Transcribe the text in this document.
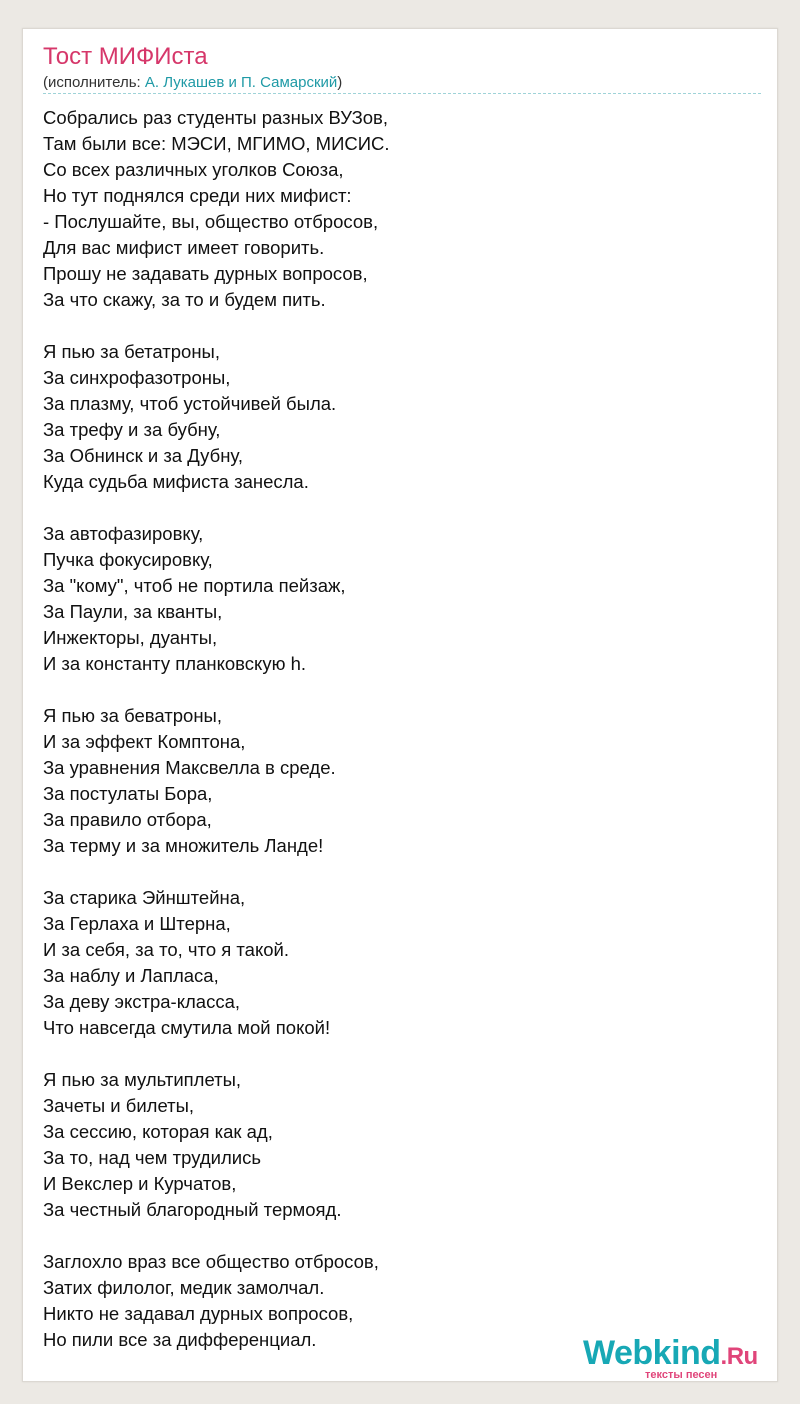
Тост МИФИста
(исполнитель: А. Лукашев и П. Самарский)
Собрались раз студенты разных ВУЗов,
Там были все: МЭСИ, МГИМО, МИСИС.
Со всех различных уголков Союза,
Но тут поднялся среди них мифист:
- Послушайте, вы, общество отбросов,
Для вас мифист имеет говорить.
Прошу не задавать дурных вопросов,
За что скажу, за то и будем пить.
Я пью за бетатроны,
За синхрофазотроны,
За плазму, чтоб устойчивей была.
За трефу и за бубну,
За Обнинск и за Дубну,
Куда судьба мифиста занесла.
За автофазировку,
Пучка фокусировку,
За "кому", чтоб не портила пейзаж,
За Паули, за кванты,
Инжекторы, дуанты,
И за константу планковскую h.
Я пью за беватроны,
И за эффект Комптона,
За уравнения Максвелла в среде.
За постулаты Бора,
За правило отбора,
За терму и за множитель Ланде!
За старика Эйнштейна,
За Герлаха и Штерна,
И за себя, за то, что я такой.
За наблу и Лапласа,
За деву экстра-класса,
Что навсегда смутила мой покой!
Я пью за мультиплеты,
Зачеты и билеты,
За сессию, которая как ад,
За то, над чем трудились
И Векслер и Курчатов,
За честный благородный термояд.
Заглохло враз все общество отбросов,
Затих филолог, медик замолчал.
Никто не задавал дурных вопросов,
Но пили все за дифференциал.	Webkind.Ru
тексты песен
